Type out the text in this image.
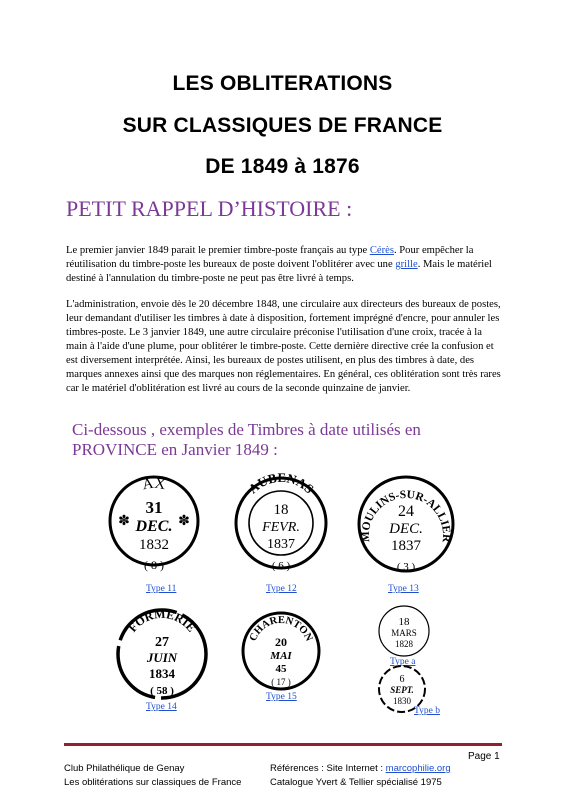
LES OBLITERATIONS
SUR CLASSIQUES DE FRANCE
DE 1849 à 1876
PETIT RAPPEL D’HISTOIRE :

Le premier janvier 1849 parait le premier timbre-poste français au type Cérès. Pour empêcher la réutilisation du timbre-poste les bureaux de poste doivent l'oblitérer avec une grille. Mais le matériel destiné à l'annulation du timbre-poste ne peut pas être livré à temps.

L'administration, envoie dès le 20 décembre 1848, une circulaire aux directeurs des bureaux de postes, leur demandant d'utiliser les timbres à date à disposition, fortement imprégné d'encre, pour annuler les timbres-poste. Le 3 janvier 1849, une autre circulaire préconise l'utilisation d'une croix, tracée à la main à l'aide d'une plume, pour oblitérer le timbre-poste. Cette dernière directive crée la confusion et est diversement interprétée. Ainsi, les bureaux de postes utilisent, en plus des timbres à date, des marques annexes ainsi que des marques non réglementaires. En général, ces oblitération sont très rares car le matériel d'oblitération est livré au cours de la seconde quinzaine de janvier.

Ci-dessous , exemples de Timbres à date utilisés en
PROVINCE en Janvier 1849 :
AX
✽	✽
31
DEC.
1832
( 8 )
Type 11
AUBENAS
18
FEVR.
1837
( 6 )
Type 12
MOULINS-SUR-ALLIER
24
DEC.
1837
( 3 )
Type 13
FORMERIE
27
JUIN
1834
( 58 )
Type 14
CHARENTON
20
MAI
45
( 17 )
Type 15
18
MARS
1828
Type a
6
SEPT.
1830
Type b
Page 1
Club Philathélique de Genay
Les oblitérations sur classiques de France
Références : Site Internet : marcophilie.org
Catalogue Yvert & Tellier spécialisé 1975
